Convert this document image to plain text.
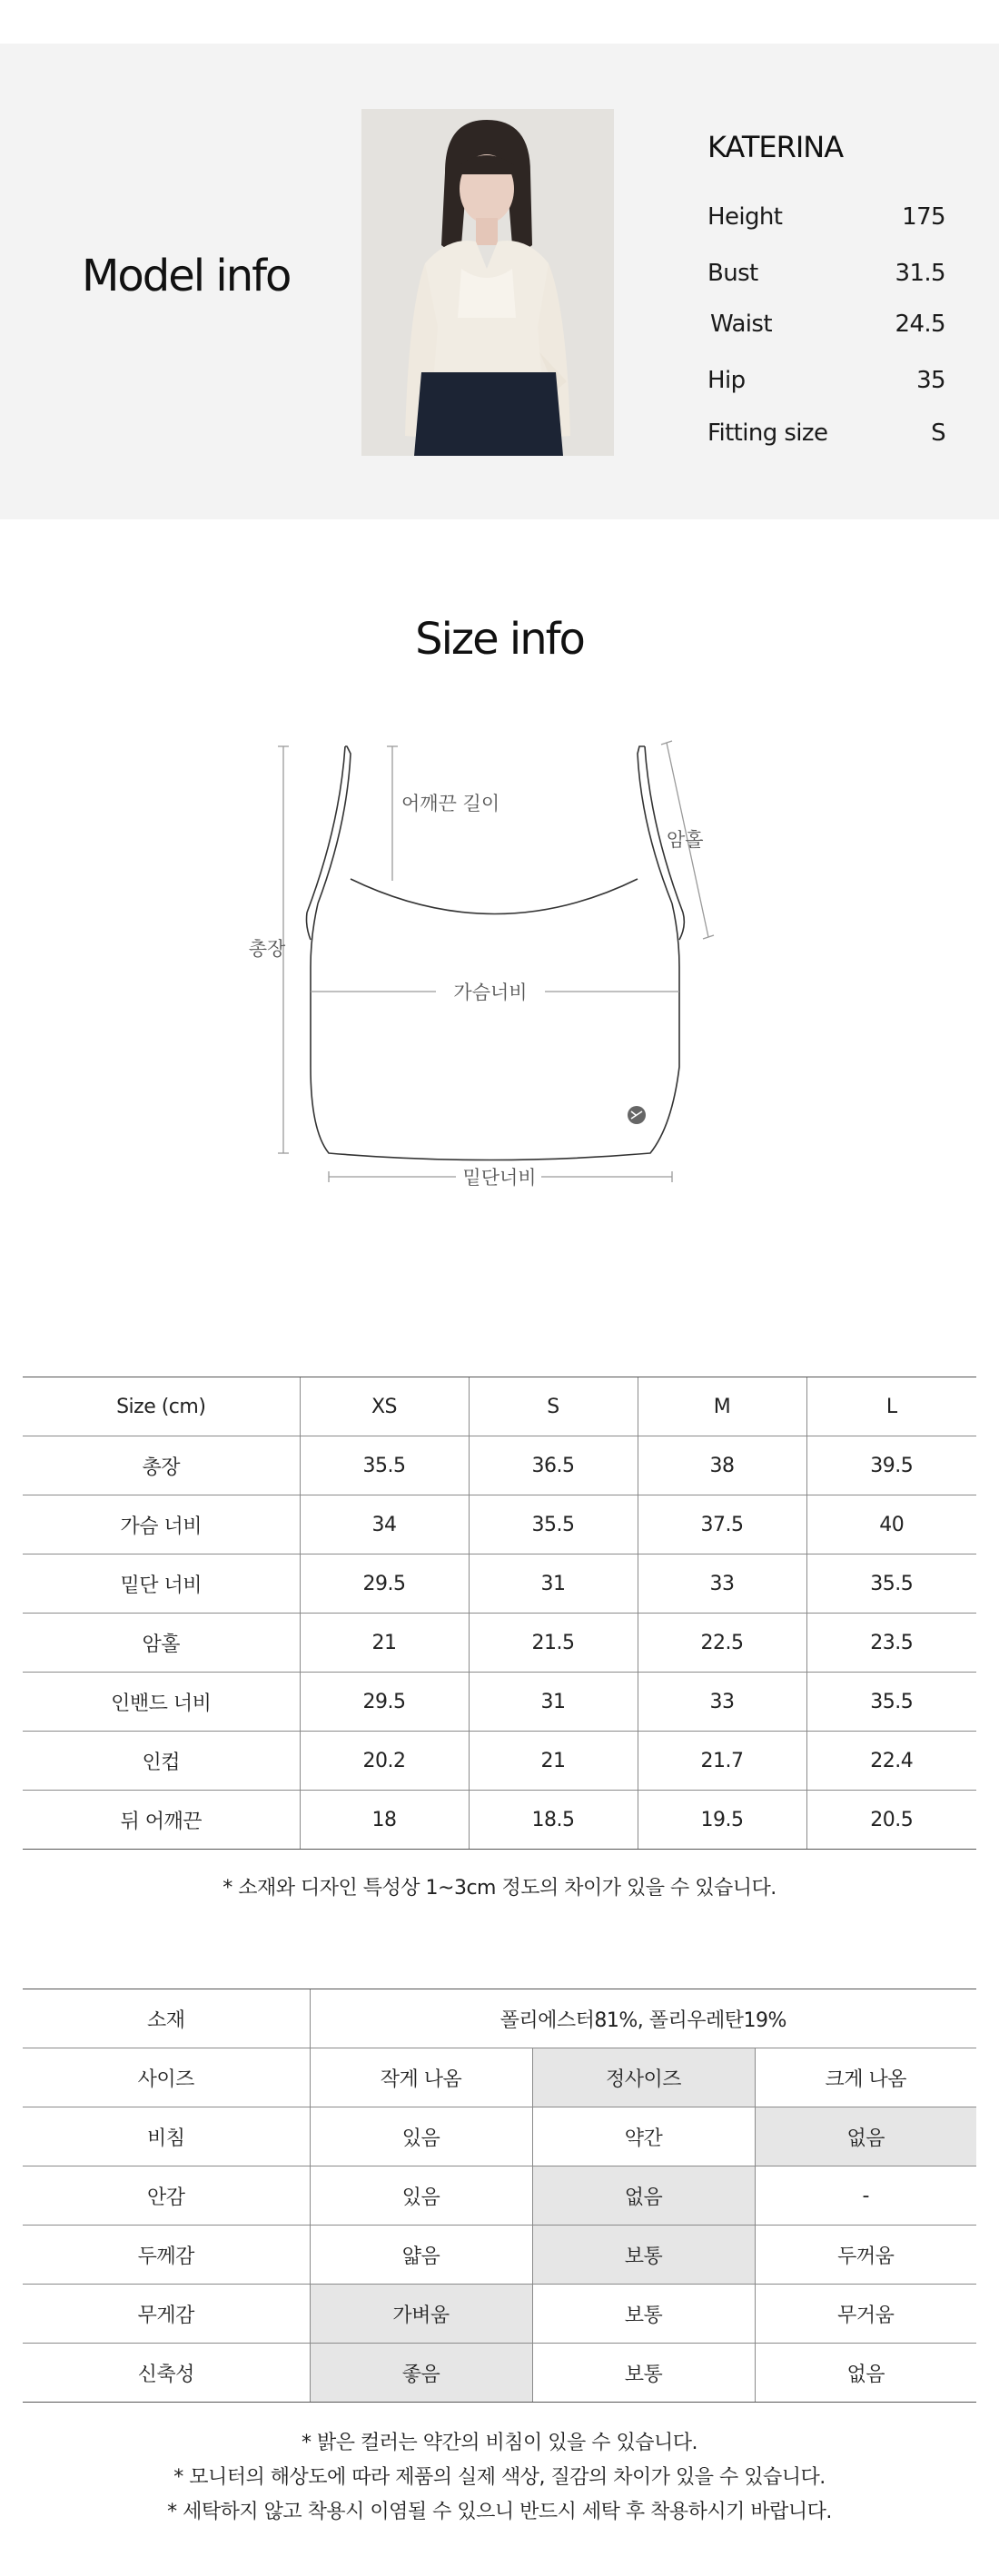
Model info
KATERINA
Height	175
Bust	31.5
Waist	24.5
Hip	35
Fitting size	S
Size info
어깨끈 길이
암홀
총장
가슴너비
밑단너비
Size (cm)	XS	S	M	L
총장	35.5	36.5	38	39.5
가슴 너비	34	35.5	37.5	40
밑단 너비	29.5	31	33	35.5
암홀	21	21.5	22.5	23.5
인밴드 너비	29.5	31	33	35.5
인컵	20.2	21	21.7	22.4
뒤 어깨끈	18	18.5	19.5	20.5
* 소재와 디자인 특성상 1~3cm 정도의 차이가 있을 수 있습니다.
소재	폴리에스터81%, 폴리우레탄19%		
사이즈	작게 나옴	정사이즈	크게 나옴
비침	있음	약간	없음
안감	있음	없음	-
두께감	얇음	보통	두꺼움
무게감	가벼움	보통	무거움
신축성	좋음	보통	없음
* 밝은 컬러는 약간의 비침이 있을 수 있습니다.
* 모니터의 해상도에 따라 제품의 실제 색상, 질감의 차이가 있을 수 있습니다.
* 세탁하지 않고 착용시 이염될 수 있으니 반드시 세탁 후 착용하시기 바랍니다.
